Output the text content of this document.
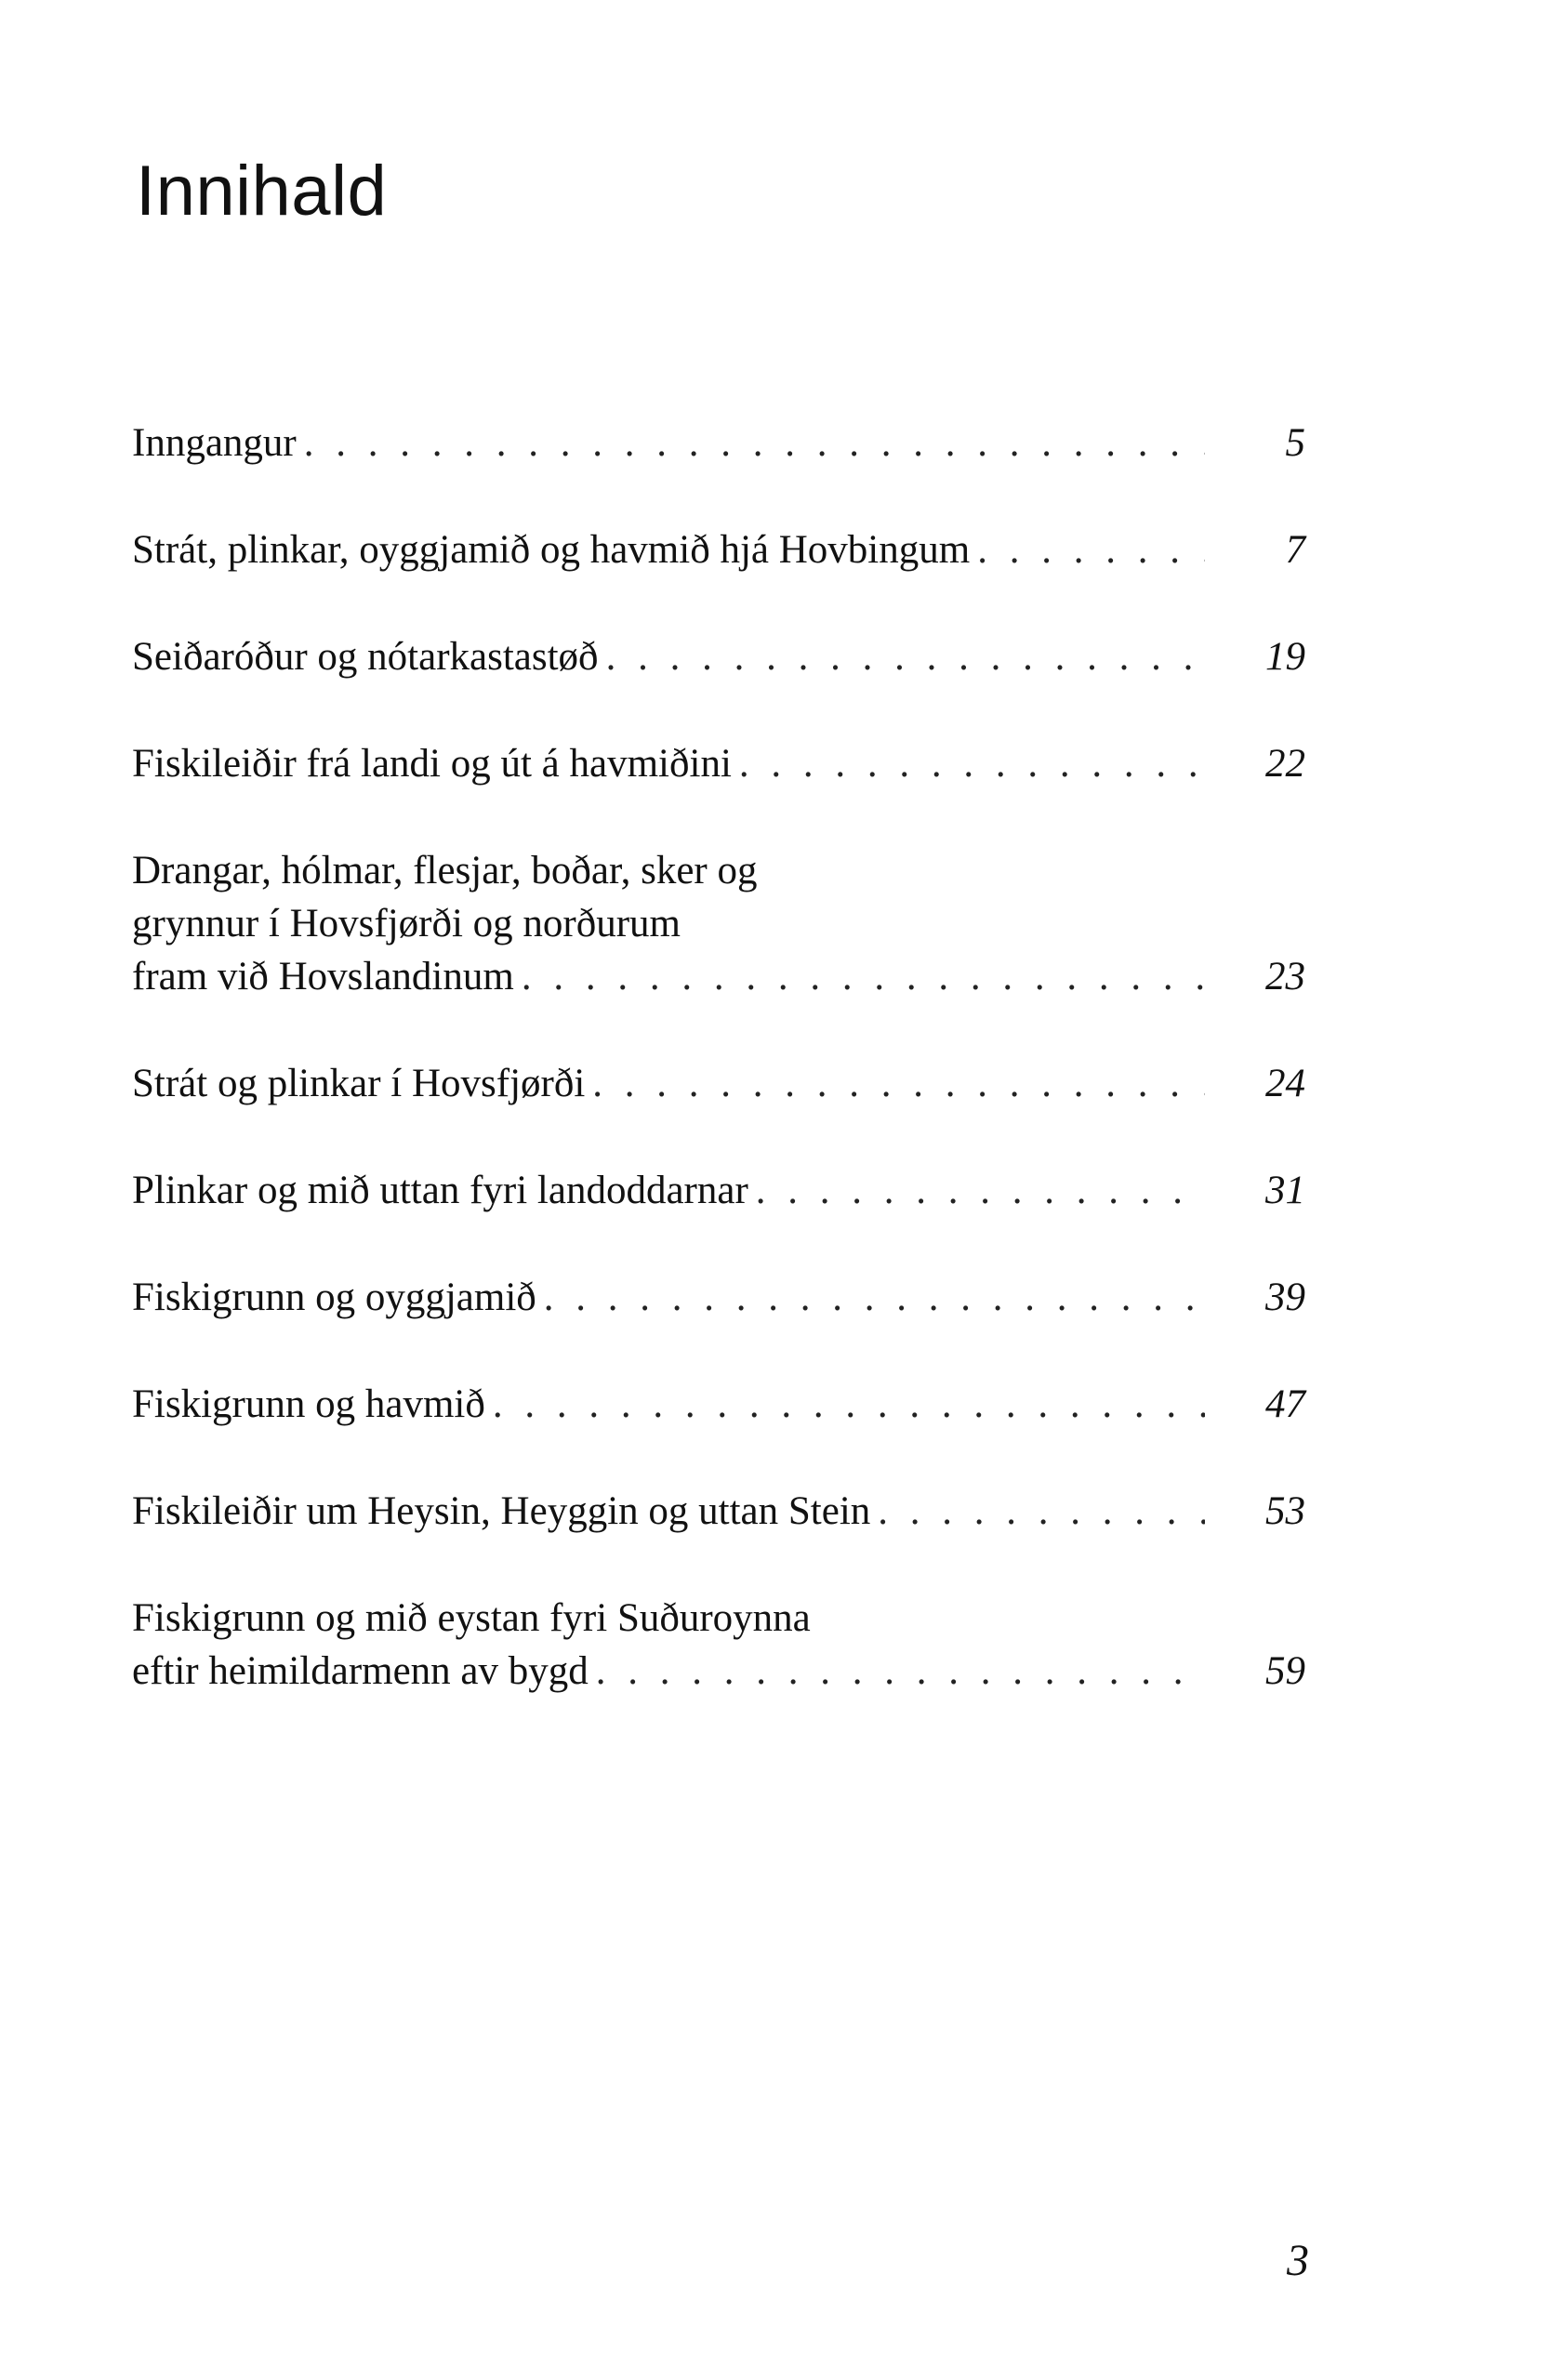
Innihald
Inngangur . . .	5
Strát, plinkar, oyggjamið og havmið hjá Hovbingum . . .	7
Seiðaróður og nótarkastastøð . . .	19
Fiskileiðir frá landi og út á havmiðini . . .	22
Drangar, hólmar, flesjar, boðar, sker og
grynnur í Hovsfjørði og norðurum
fram við Hovslandinum . . .	23
Strát og plinkar í Hovsfjørði . . .	24
Plinkar og mið uttan fyri landoddarnar . . .	31
Fiskigrunn og oyggjamið . . .	39
Fiskigrunn og havmið . . .	47
Fiskileiðir um Heysin, Heyggin og uttan Stein . . .	53
Fiskigrunn og mið eystan fyri Suðuroynna
eftir heimildarmenn av bygd . . .	59
3
